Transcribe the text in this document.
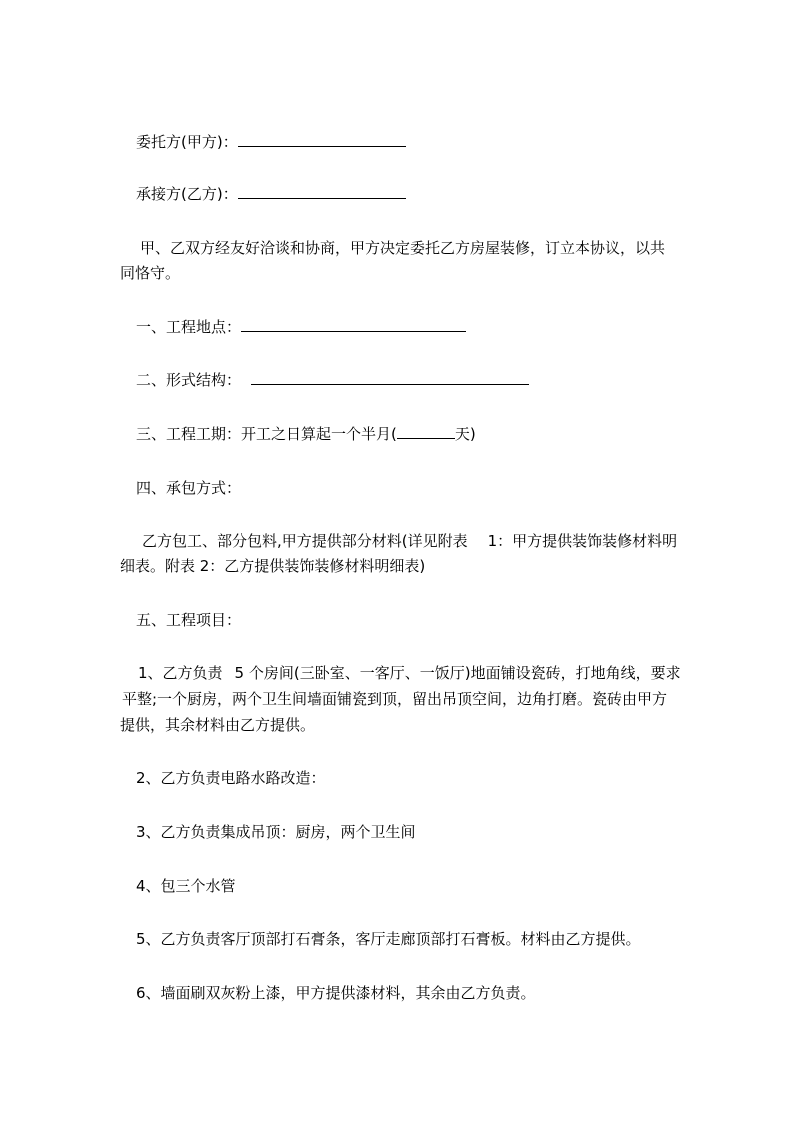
委托方(甲方)：
承接方(乙方)：
甲、乙双方经友好洽谈和协商，甲方决定委托乙方房屋装修，订立本协议，以共
同恪守。
一、工程地点：
二、形式结构：
三、工程工期：开工之日算起一个半月(	天)
四、承包方式：
乙方包工、部分包料,甲方提供部分材料(详见附表 1：甲方提供装饰装修材料明
细表。附表 2：乙方提供装饰装修材料明细表)
五、工程项目：
1、乙方负责 5 个房间(三卧室、一客厅、一饭厅)地面铺设瓷砖，打地角线，要求
平整;一个厨房，两个卫生间墙面铺瓷到顶，留出吊顶空间，边角打磨。瓷砖由甲方
提供，其余材料由乙方提供。
2、乙方负责电路水路改造：
3、乙方负责集成吊顶：厨房，两个卫生间
4、包三个水管
5、乙方负责客厅顶部打石膏条，客厅走廊顶部打石膏板。材料由乙方提供。
6、墙面刷双灰粉上漆，甲方提供漆材料，其余由乙方负责。
